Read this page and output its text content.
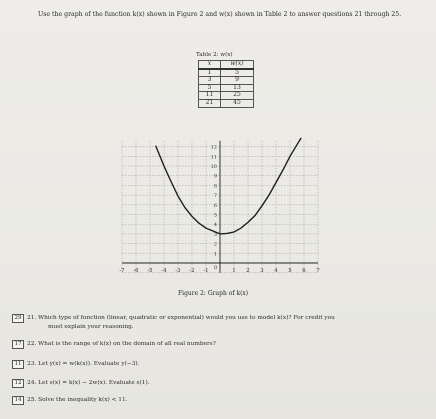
Use the graph of the function k(x) shown in Figure 2 and w(x) shown in Table 2 to answer questions 21 through 25.
Table 2: w(x)
x	w(x)
1	5
3	9
5	13
11	25
21	45
-7 -6 -5 -4 -3 -2 -1	1 2 3 4 5 6 7
1
2
3
4
5
6
7
8
9
10
11
12
0
Figure 2: Graph of k(x)
29 21. Which type of function (linear, quadratic or exponential) would you use to model k(x)? For credit you
must explain your reasoning.
17 22. What is the range of k(x) on the domain of all real numbers?
11 23. Let y(x) = w(k(x)). Evaluate y(−3).
12 24. Let s(x) = k(x) − 2w(x). Evaluate s(1).
14 25. Solve the inequality k(x) < 11.
